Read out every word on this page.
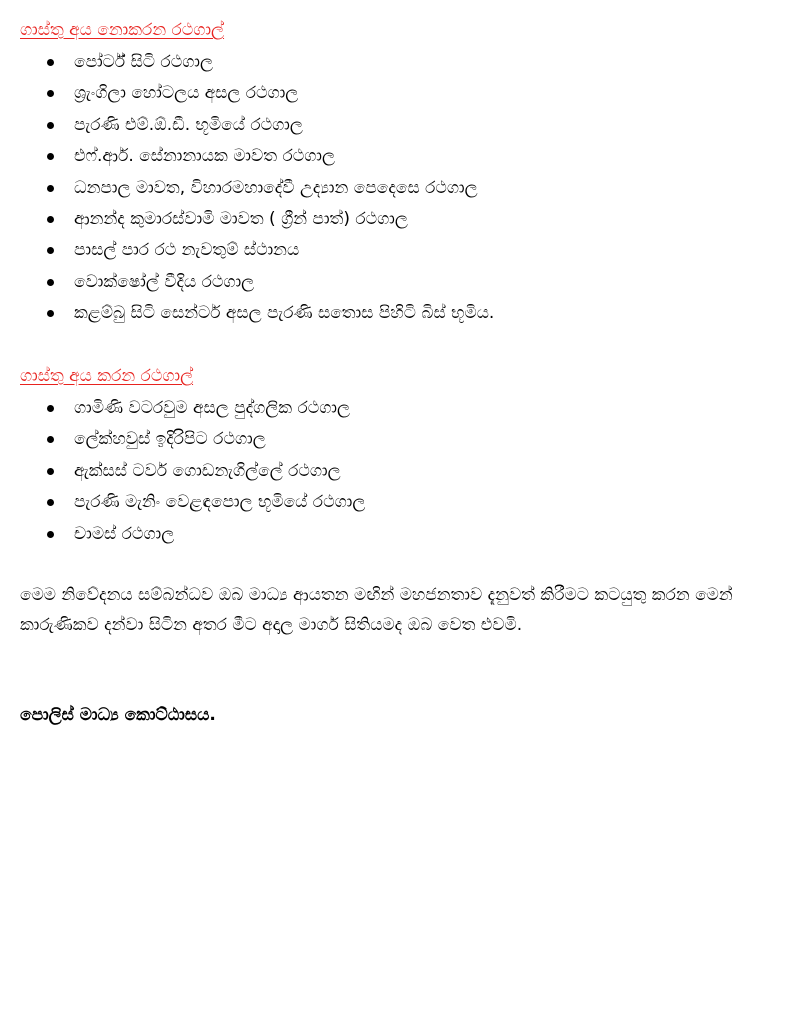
ගාස්තු අය නොකරන රථගාල්
පෝර්ට් සිටි රථගාල
ශ්‍රැංගිලා හෝටලය අසල රථගාල
පැරණි එම්.ඕ.ඩී. භූමියේ රථගාල
එෆ්.ආර්. සේනානායක මාවත රථගාල
ධනපාල මාවත, විහාරමහාදේවී උද්‍යාන පෙදෙසෙ රථගාල
ආනන්ද කුමාරස්වාමි මාවත ( ග්‍රීන් පාත්) රථගාල
පාසල් පාර රථ නැවතුම් ස්ථානය
වොක්ෂෝල් වීදිය රථගාල
කළම්බු සිටි සෙන්ටර් අසල පැරණි සතොස පිහිටි බිස් භූමිය.
ගාස්තු අය කරන රථගාල්
ගාමිණි වටරවුම අසල පුද්ගලික රථගාල
ලේක්හවුස් ඉදිරිපිට රථගාල
ඇක්සස් ටවර් ගොඩනැගිල්ලේ රථගාල
පැරණි මැනිං වෙළඳපොල භූමියේ රථගාල
චාමස් රථගාල

මෙම නිවේදනය සම්බන්ධව ඔබ මාධ්‍ය ආයතන මඟින් මහජනතාව දැනුවත් කිරීමට කටයුතු කරන මෙන් කාරුණිකව දන්වා සිටින අතර මීට අදාල මාර්ග සිතියමද ඔබ වෙත එවමි.

පොලිස් මාධ්‍ය කොට්ඨාසය.
